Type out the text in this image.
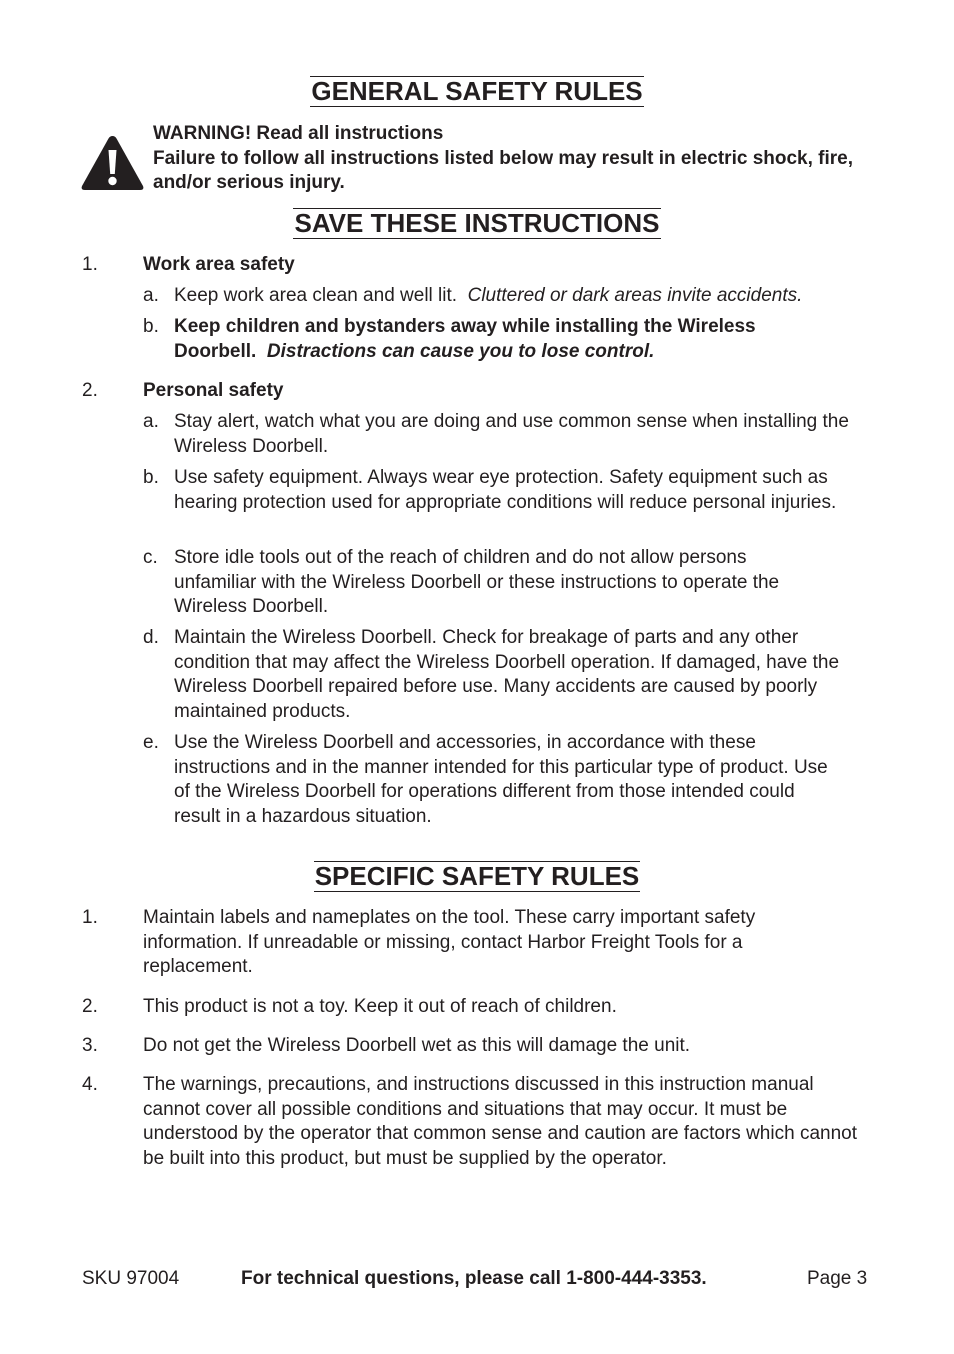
GENERAL SAFETY RULES
WARNING! Read all instructions
Failure to follow all instructions listed below may result in electric shock, fire, and/or serious injury.
SAVE THESE INSTRUCTIONS
1. Work area safety
a. Keep work area clean and well lit. Cluttered or dark areas invite accidents.
b. Keep children and bystanders away while installing the Wireless Doorbell. Distractions can cause you to lose control.
2. Personal safety
a. Stay alert, watch what you are doing and use common sense when installing the Wireless Doorbell.
b. Use safety equipment. Always wear eye protection. Safety equipment such as hearing protection used for appropriate conditions will reduce personal injuries.
c. Store idle tools out of the reach of children and do not allow persons unfamiliar with the Wireless Doorbell or these instructions to operate the Wireless Doorbell.
d. Maintain the Wireless Doorbell. Check for breakage of parts and any other condition that may affect the Wireless Doorbell operation. If damaged, have the Wireless Doorbell repaired before use. Many accidents are caused by poorly maintained products.
e. Use the Wireless Doorbell and accessories, in accordance with these instructions and in the manner intended for this particular type of product. Use of the Wireless Doorbell for operations different from those intended could result in a hazardous situation.
SPECIFIC SAFETY RULES
1. Maintain labels and nameplates on the tool. These carry important safety information. If unreadable or missing, contact Harbor Freight Tools for a replacement.
2. This product is not a toy. Keep it out of reach of children.
3. Do not get the Wireless Doorbell wet as this will damage the unit.
4. The warnings, precautions, and instructions discussed in this instruction manual cannot cover all possible conditions and situations that may occur. It must be understood by the operator that common sense and caution are factors which cannot be built into this product, but must be supplied by the operator.
SKU 97004	For technical questions, please call 1-800-444-3353.	Page 3
